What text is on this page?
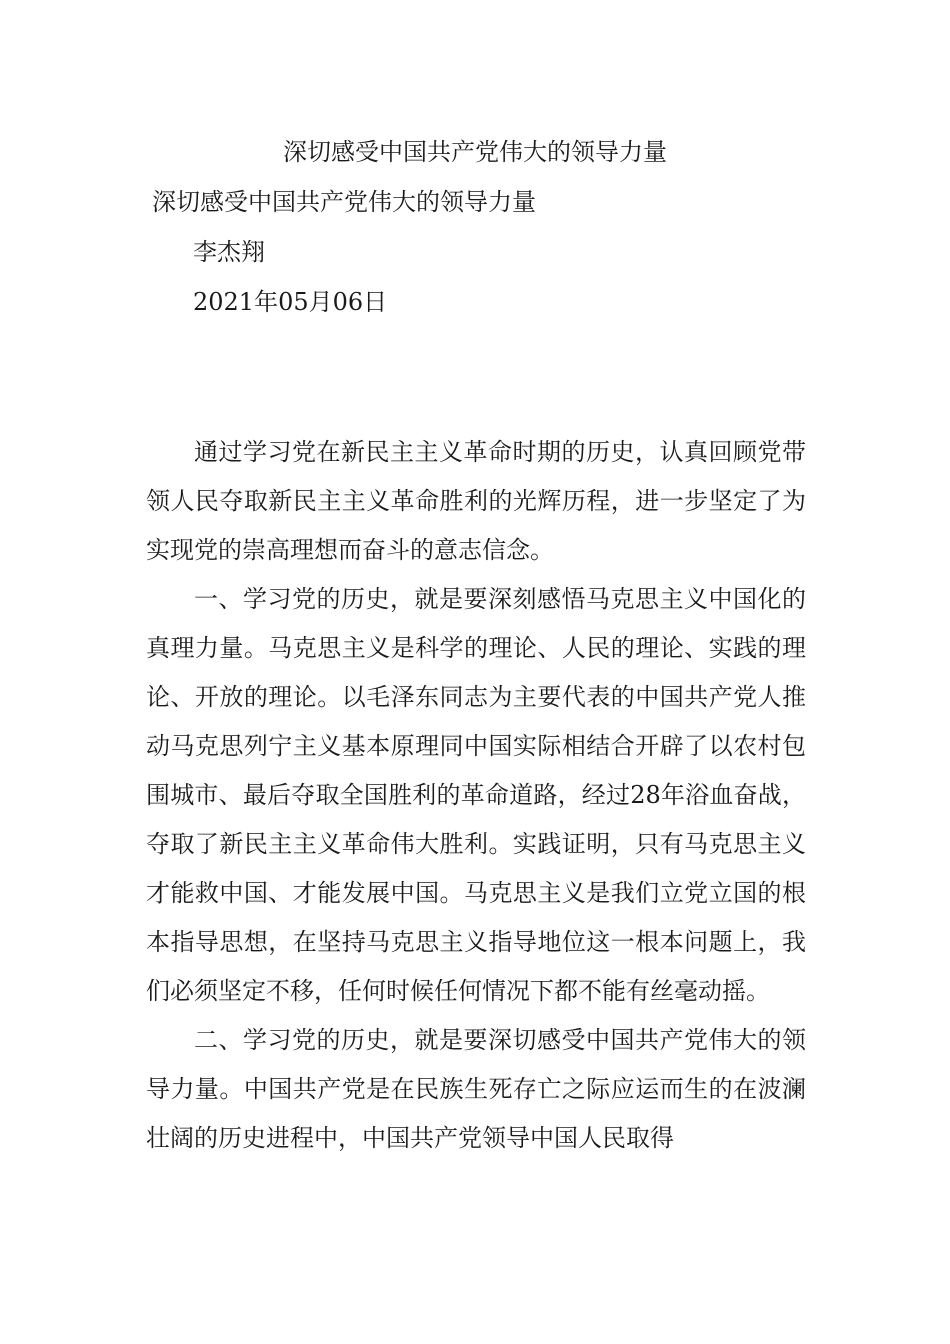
深切感受中国共产党伟大的领导力量
深切感受中国共产党伟大的领导力量
李杰翔
2021年05月06日

通过学习党在新民主主义革命时期的历史，认真回顾党带领人民夺取新民主主义革命胜利的光辉历程，进一步坚定了为实现党的崇高理想而奋斗的意志信念。

一、学习党的历史，就是要深刻感悟马克思主义中国化的真理力量。马克思主义是科学的理论、人民的理论、实践的理论、开放的理论。以毛泽东同志为主要代表的中国共产党人推动马克思列宁主义基本原理同中国实际相结合开辟了以农村包围城市、最后夺取全国胜利的革命道路，经过28年浴血奋战，夺取了新民主主义革命伟大胜利。实践证明，只有马克思主义才能救中国、才能发展中国。马克思主义是我们立党立国的根本指导思想，在坚持马克思主义指导地位这一根本问题上，我们必须坚定不移，任何时候任何情况下都不能有丝毫动摇。

二、学习党的历史，就是要深切感受中国共产党伟大的领导力量。中国共产党是在民族生死存亡之际应运而生的在波澜壮阔的历史进程中，中国共产党领导中国人民取得
